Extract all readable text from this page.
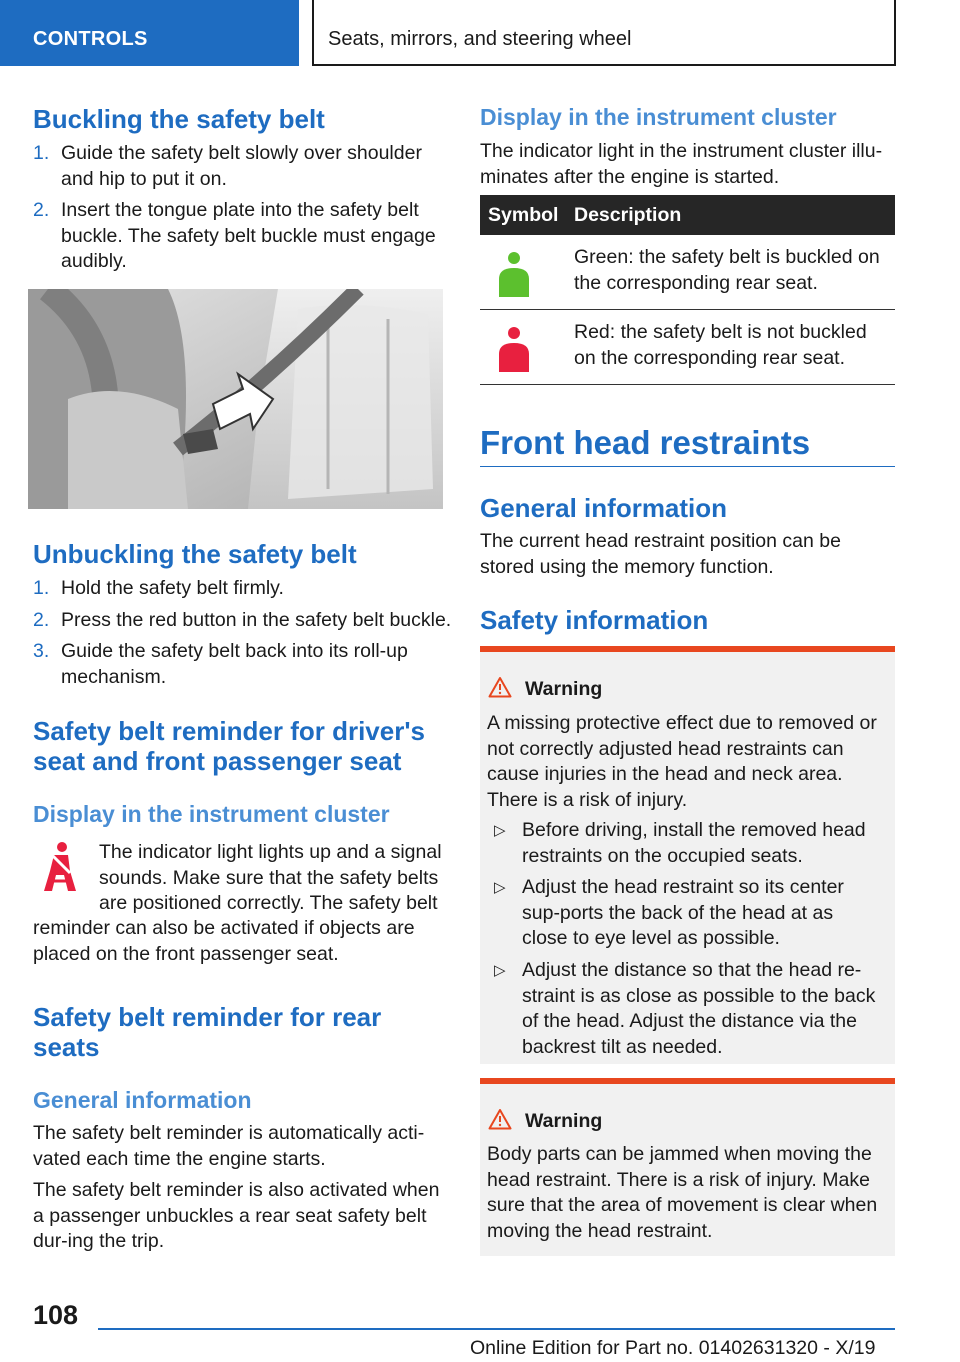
CONTROLS	Seats, mirrors, and steering wheel
Buckling the safety belt
1. Guide the safety belt slowly over shoulder and hip to put it on.
2. Insert the tongue plate into the safety belt buckle. The safety belt buckle must engage audibly.
Unbuckling the safety belt
1. Hold the safety belt firmly.
2. Press the red button in the safety belt buckle.
3. Guide the safety belt back into its roll-up mechanism.
Safety belt reminder for driver's
seat and front passenger seat
Display in the instrument cluster

The indicator light lights up and a signal

sounds. Make sure that the safety belts

are positioned correctly. The safety belt

reminder can also be activated if objects are placed on the front passenger seat.

Safety belt reminder for rear
seats
General information

The safety belt reminder is automatically acti-vated each time the engine starts.

The safety belt reminder is also activated when a passenger unbuckles a rear seat safety belt dur-ing the trip.

Display in the instrument cluster

The indicator light in the instrument cluster illu-minates after the engine is started.

Symbol Description
Green: the safety belt is buckled on the corresponding rear seat.
Red: the safety belt is not buckled on the corresponding rear seat.
Front head restraints
General information

The current head restraint position can be stored using the memory function.

Safety information
Warning

A missing protective effect due to removed or not correctly adjusted head restraints can cause injuries in the head and neck area. There is a risk of injury.

▷ Before driving, install the removed head restraints on the occupied seats.
▷ Adjust the head restraint so its center sup-ports the back of the head at as close to eye level as possible.
▷ Adjust the distance so that the head re-straint is as close as possible to the back of the head. Adjust the distance via the backrest tilt as needed.
Warning

Body parts can be jammed when moving the head restraint. There is a risk of injury. Make sure that the area of movement is clear when moving the head restraint.

108
Online Edition for Part no. 01402631320 - X/19
